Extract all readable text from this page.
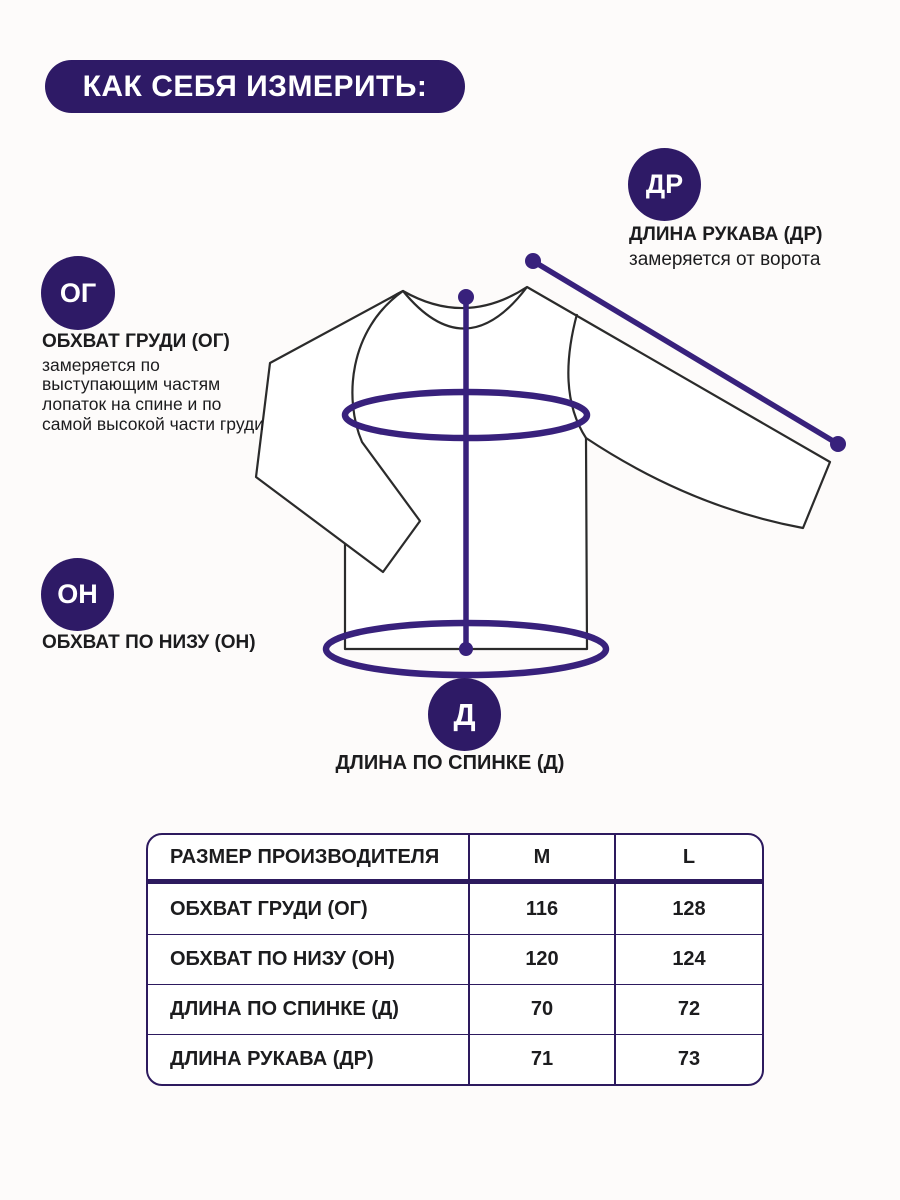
КАК СЕБЯ ИЗМЕРИТЬ:
ДР
ДЛИНА РУКАВА (ДР)
замеряется от ворота
ОГ
ОБХВАТ ГРУДИ (ОГ)
замеряется по выступающим частям лопаток на спине и по самой высокой части груди
ОН
ОБХВАТ ПО НИЗУ (ОН)
Д
ДЛИНА ПО СПИНКЕ (Д)
РАЗМЕР ПРОИЗВОДИТЕЛЯ	M	L
ОБХВАТ ГРУДИ (ОГ)	116	128
ОБХВАТ ПО НИЗУ (ОН)	120	124
ДЛИНА ПО СПИНКЕ (Д)	70	72
ДЛИНА РУКАВА (ДР)	71	73
